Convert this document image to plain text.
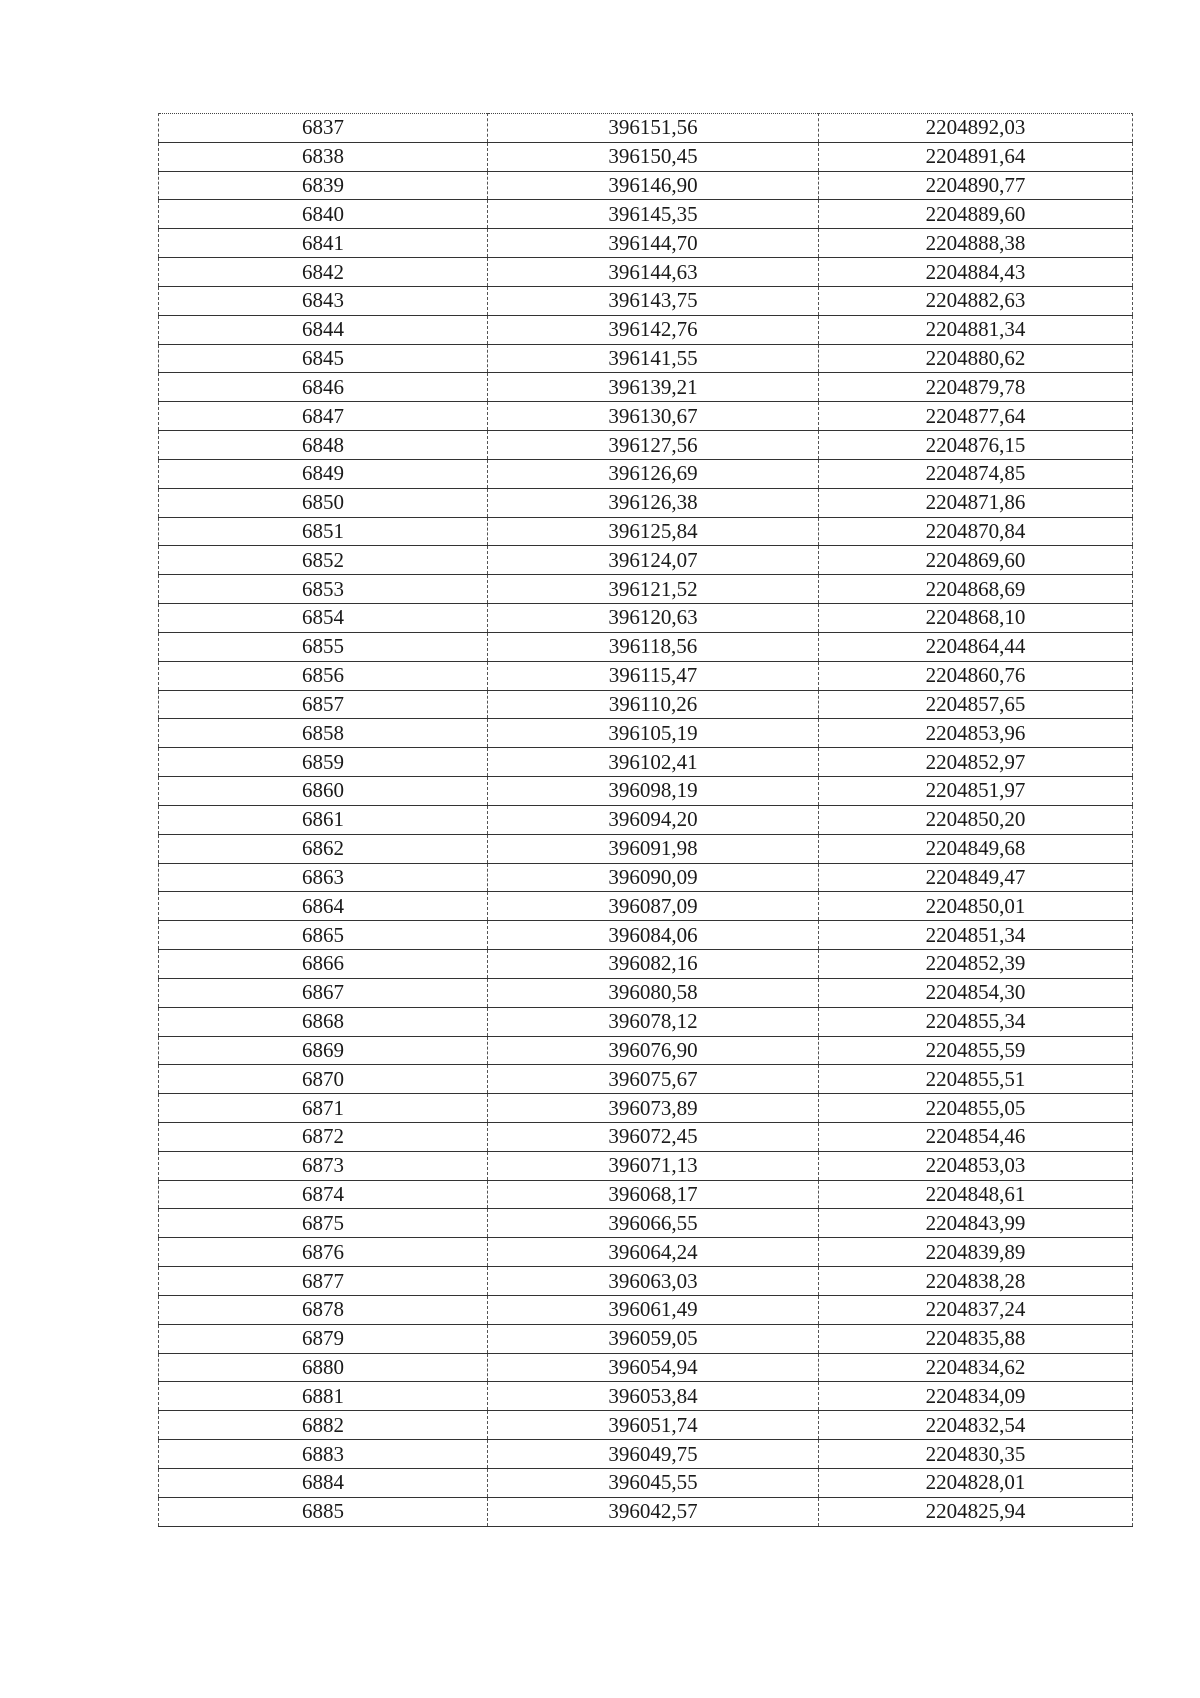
6837	396151,56	2204892,03
6838	396150,45	2204891,64
6839	396146,90	2204890,77
6840	396145,35	2204889,60
6841	396144,70	2204888,38
6842	396144,63	2204884,43
6843	396143,75	2204882,63
6844	396142,76	2204881,34
6845	396141,55	2204880,62
6846	396139,21	2204879,78
6847	396130,67	2204877,64
6848	396127,56	2204876,15
6849	396126,69	2204874,85
6850	396126,38	2204871,86
6851	396125,84	2204870,84
6852	396124,07	2204869,60
6853	396121,52	2204868,69
6854	396120,63	2204868,10
6855	396118,56	2204864,44
6856	396115,47	2204860,76
6857	396110,26	2204857,65
6858	396105,19	2204853,96
6859	396102,41	2204852,97
6860	396098,19	2204851,97
6861	396094,20	2204850,20
6862	396091,98	2204849,68
6863	396090,09	2204849,47
6864	396087,09	2204850,01
6865	396084,06	2204851,34
6866	396082,16	2204852,39
6867	396080,58	2204854,30
6868	396078,12	2204855,34
6869	396076,90	2204855,59
6870	396075,67	2204855,51
6871	396073,89	2204855,05
6872	396072,45	2204854,46
6873	396071,13	2204853,03
6874	396068,17	2204848,61
6875	396066,55	2204843,99
6876	396064,24	2204839,89
6877	396063,03	2204838,28
6878	396061,49	2204837,24
6879	396059,05	2204835,88
6880	396054,94	2204834,62
6881	396053,84	2204834,09
6882	396051,74	2204832,54
6883	396049,75	2204830,35
6884	396045,55	2204828,01
6885	396042,57	2204825,94
